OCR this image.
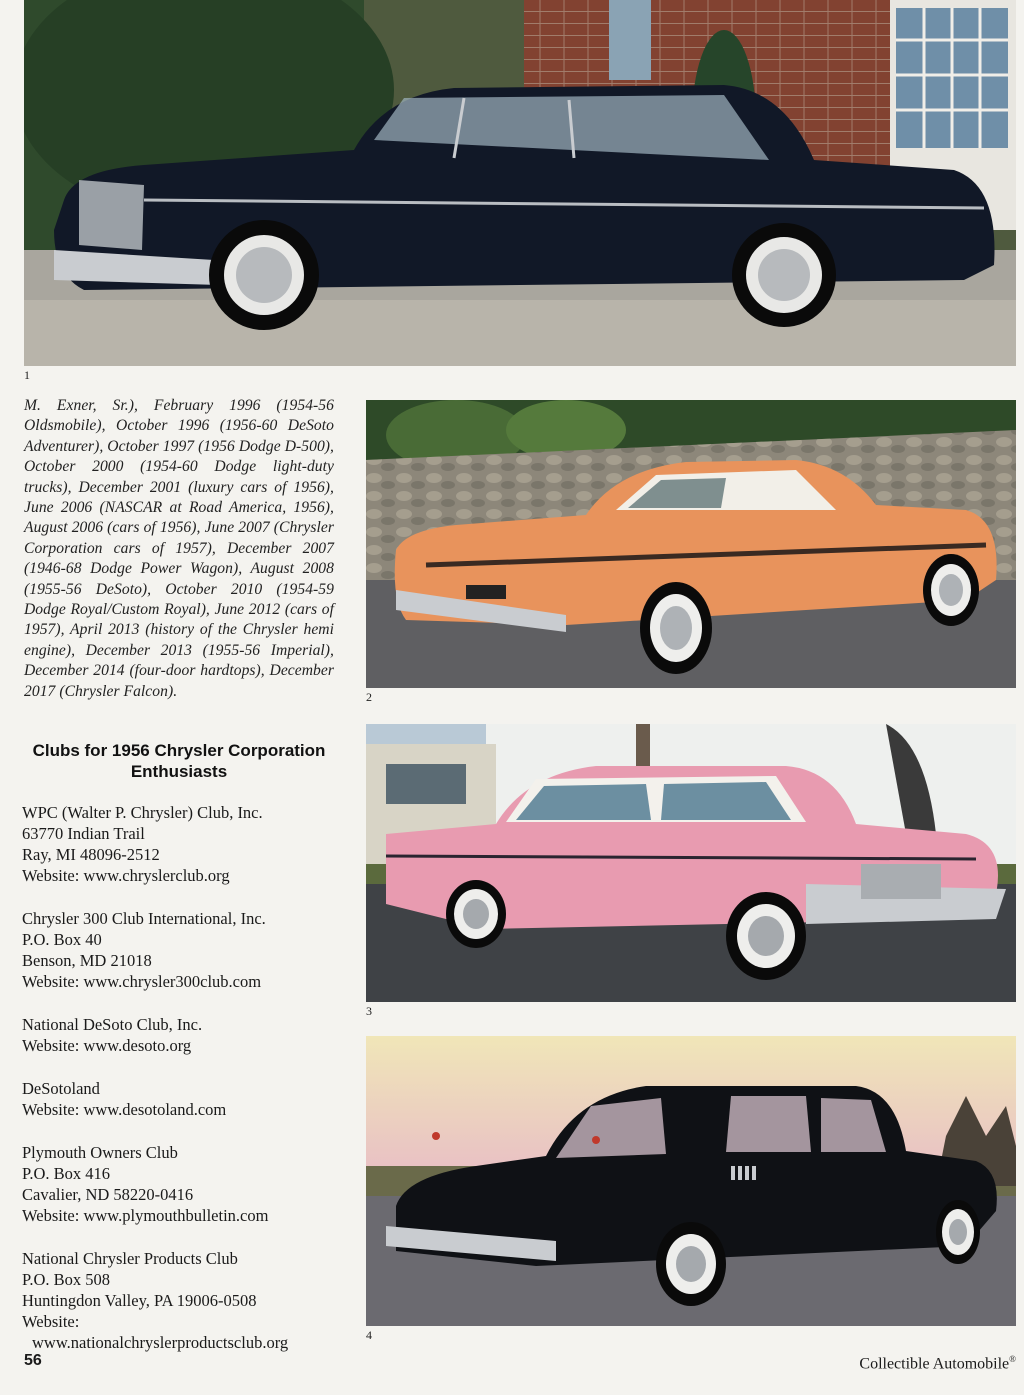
1
2
3
4
M. Exner, Sr.), February 1996 (1954-56 Oldsmobile), October 1996 (1956-60 DeSoto Adventurer), October 1997 (1956 Dodge D-500), October 2000 (1954-60 Dodge light-duty trucks), December 2001 (luxury cars of 1956), June 2006 (NASCAR at Road America, 1956), August 2006 (cars of 1956), June 2007 (Chrysler Corporation cars of 1957), December 2007 (1946-68 Dodge Power Wagon), August 2008 (1955-56 DeSoto), October 2010 (1954-59 Dodge Royal/Custom Royal), June 2012 (cars of 1957), April 2013 (history of the Chrysler hemi engine), December 2013 (1955-56 Imperial), December 2014 (four-door hardtops), December 2017 (Chrysler Falcon).
Clubs for 1956 Chrysler Corporation Enthusiasts
WPC (Walter P. Chrysler) Club, Inc.
63770 Indian Trail
Ray, MI 48096-2512
Website: www.chryslerclub.org
Chrysler 300 Club International, Inc.
P.O. Box 40
Benson, MD 21018
Website: www.chrysler300club.com
National DeSoto Club, Inc.
Website: www.desoto.org
DeSotoland
Website: www.desotoland.com
Plymouth Owners Club
P.O. Box 416
Cavalier, ND 58220-0416
Website: www.plymouthbulletin.com
National Chrysler Products Club
P.O. Box 508
Huntingdon Valley, PA 19006-0508
Website:
www.nationalchryslerproductsclub.org
56	Collectible Automobile®
